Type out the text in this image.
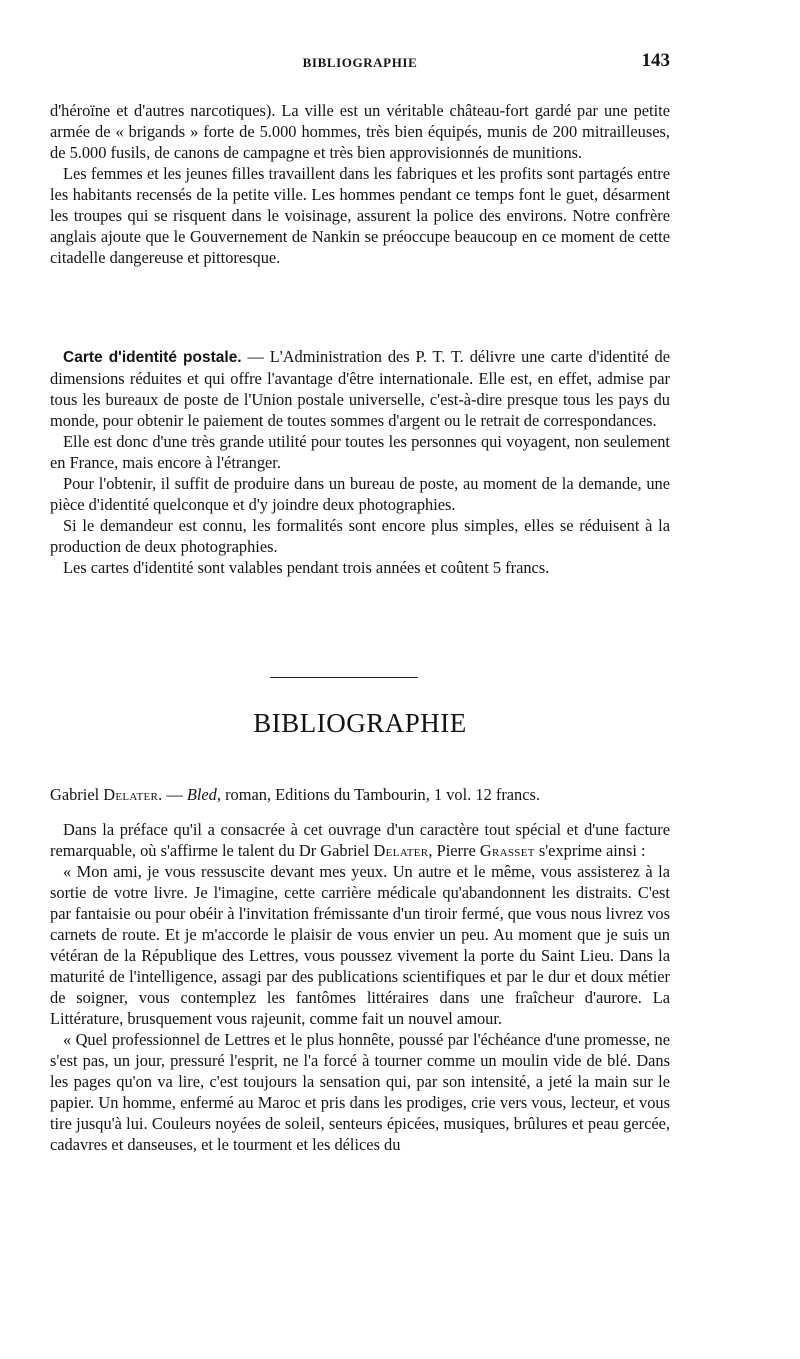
BIBLIOGRAPHIE	143

d'héroïne et d'autres narcotiques). La ville est un véritable château-fort gardé par une petite armée de « brigands » forte de 5.000 hommes, très bien équipés, munis de 200 mitrailleuses, de 5.000 fusils, de canons de campagne et très bien approvisionnés de munitions.

Les femmes et les jeunes filles travaillent dans les fabriques et les profits sont partagés entre les habitants recensés de la petite ville. Les hommes pendant ce temps font le guet, désarment les troupes qui se risquent dans le voisinage, assurent la police des environs. Notre confrère anglais ajoute que le Gouvernement de Nankin se préoccupe beaucoup en ce moment de cette citadelle dangereuse et pittoresque.

Carte d'identité postale. — L'Administration des P. T. T. délivre une carte d'identité de dimensions réduites et qui offre l'avantage d'être internationale. Elle est, en effet, admise par tous les bureaux de poste de l'Union postale universelle, c'est-à-dire presque tous les pays du monde, pour obtenir le paiement de toutes sommes d'argent ou le retrait de correspondances.

Elle est donc d'une très grande utilité pour toutes les personnes qui voyagent, non seulement en France, mais encore à l'étranger.

Pour l'obtenir, il suffit de produire dans un bureau de poste, au moment de la demande, une pièce d'identité quelconque et d'y joindre deux photographies.

Si le demandeur est connu, les formalités sont encore plus simples, elles se réduisent à la production de deux photographies.

Les cartes d'identité sont valables pendant trois années et coûtent 5 francs.

BIBLIOGRAPHIE

Gabriel Delater. — Bled, roman, Editions du Tambourin, 1 vol. 12 francs.

Dans la préface qu'il a consacrée à cet ouvrage d'un caractère tout spécial et d'une facture remarquable, où s'affirme le talent du Dr Gabriel Delater, Pierre Grasset s'exprime ainsi :

« Mon ami, je vous ressuscite devant mes yeux. Un autre et le même, vous assisterez à la sortie de votre livre. Je l'imagine, cette carrière médicale qu'abandonnent les distraits. C'est par fantaisie ou pour obéir à l'invitation frémissante d'un tiroir fermé, que vous nous livrez vos carnets de route. Et je m'accorde le plaisir de vous envier un peu. Au moment que je suis un vétéran de la République des Lettres, vous poussez vivement la porte du Saint Lieu. Dans la maturité de l'intelligence, assagi par des publications scientifiques et par le dur et doux métier de soigner, vous contemplez les fantômes littéraires dans une fraîcheur d'aurore. La Littérature, brusquement vous rajeunit, comme fait un nouvel amour.

« Quel professionnel de Lettres et le plus honnête, poussé par l'échéance d'une promesse, ne s'est pas, un jour, pressuré l'esprit, ne l'a forcé à tourner comme un moulin vide de blé. Dans les pages qu'on va lire, c'est toujours la sensation qui, par son intensité, a jeté la main sur le papier. Un homme, enfermé au Maroc et pris dans les prodiges, crie vers vous, lecteur, et vous tire jusqu'à lui. Couleurs noyées de soleil, senteurs épicées, musiques, brûlures et peau gercée, cadavres et danseuses, et le tourment et les délices du
